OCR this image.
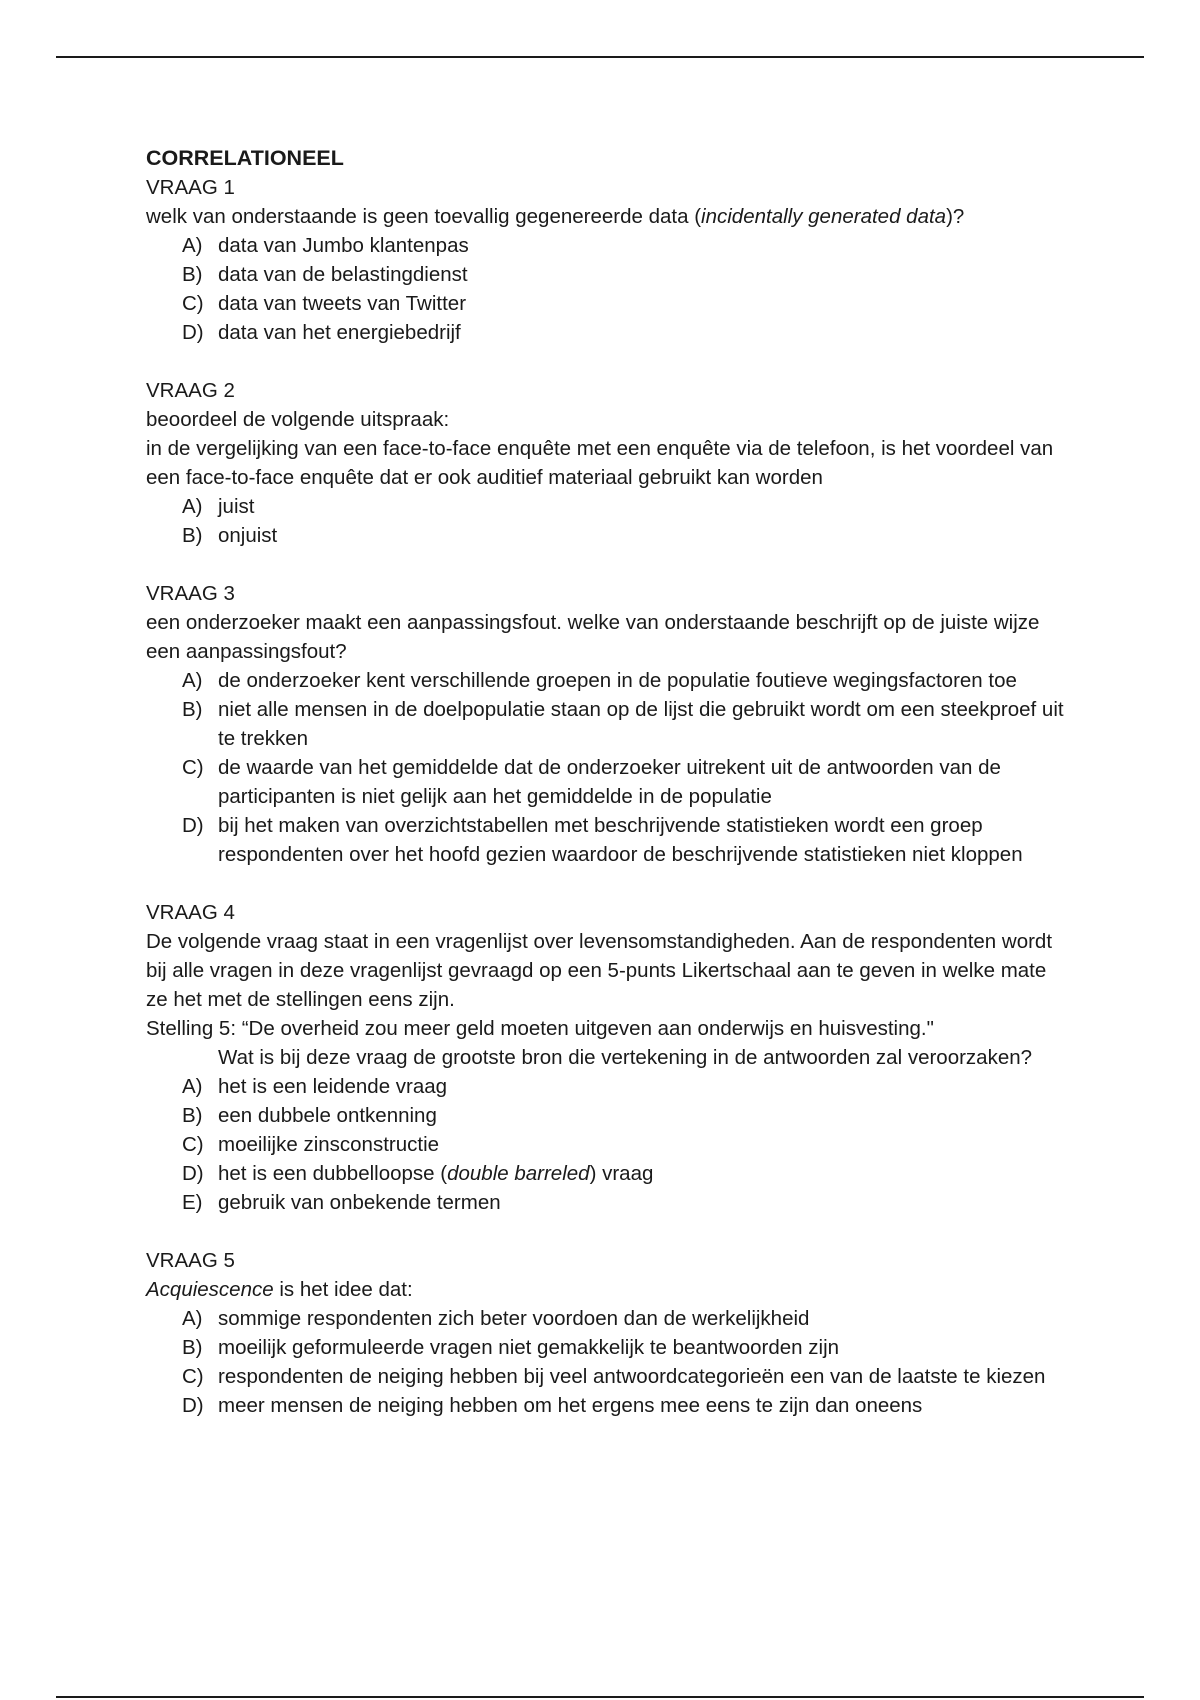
CORRELATIONEEL
VRAAG 1
welk van onderstaande is geen toevallig gegenereerde data (incidentally generated data)?
A) data van Jumbo klantenpas
B) data van de belastingdienst
C) data van tweets van Twitter
D) data van het energiebedrijf
VRAAG 2
beoordeel de volgende uitspraak:
in de vergelijking van een face-to-face enquête met een enquête via de telefoon, is het voordeel van een face-to-face enquête dat er ook auditief materiaal gebruikt kan worden
A) juist
B) onjuist
VRAAG 3
een onderzoeker maakt een aanpassingsfout. welke van onderstaande beschrijft op de juiste wijze een aanpassingsfout?
A) de onderzoeker kent verschillende groepen in de populatie foutieve wegingsfactoren toe
B) niet alle mensen in de doelpopulatie staan op de lijst die gebruikt wordt om een steekproef uit te trekken
C) de waarde van het gemiddelde dat de onderzoeker uitrekent uit de antwoorden van de participanten is niet gelijk aan het gemiddelde in de populatie
D) bij het maken van overzichtstabellen met beschrijvende statistieken wordt een groep respondenten over het hoofd gezien waardoor de beschrijvende statistieken niet kloppen
VRAAG 4
De volgende vraag staat in een vragenlijst over levensomstandigheden. Aan de respondenten wordt bij alle vragen in deze vragenlijst gevraagd op een 5-punts Likertschaal aan te geven in welke mate ze het met de stellingen eens zijn.
Stelling 5: “De overheid zou meer geld moeten uitgeven aan onderwijs en huisvesting."
Wat is bij deze vraag de grootste bron die vertekening in de antwoorden zal veroorzaken?
A) het is een leidende vraag
B) een dubbele ontkenning
C) moeilijke zinsconstructie
D) het is een dubbelloopse (double barreled) vraag
E) gebruik van onbekende termen
VRAAG 5
Acquiescence is het idee dat:
A) sommige respondenten zich beter voordoen dan de werkelijkheid
B) moeilijk geformuleerde vragen niet gemakkelijk te beantwoorden zijn
C) respondenten de neiging hebben bij veel antwoordcategorieën een van de laatste te kiezen
D) meer mensen de neiging hebben om het ergens mee eens te zijn dan oneens
